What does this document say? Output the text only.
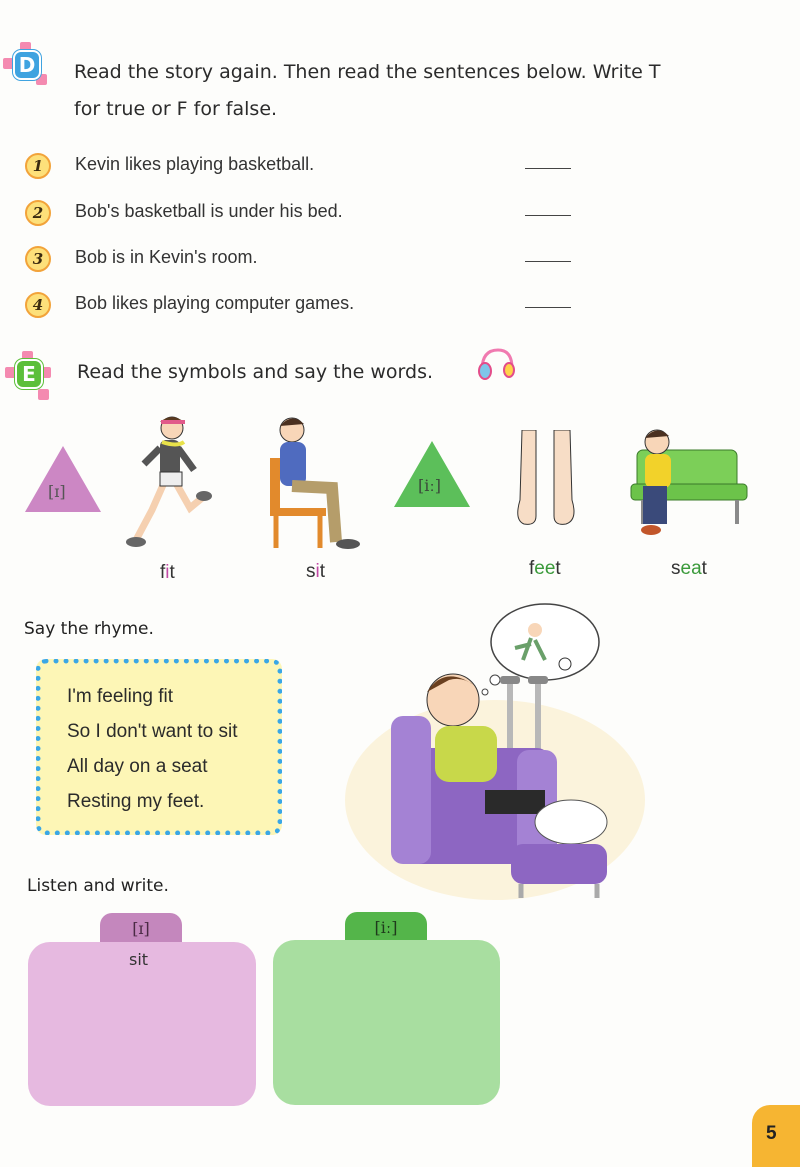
D Read the story again. Then read the sentences below. Write T
for true or F for false.
1	Kevin likes playing basketball.
2	Bob's basketball is under his bed.
3	Bob is in Kevin's room.
4	Bob likes playing computer games.
E Read the symbols and say the words.
[ɪ]	[iː]
fit	sit	feet	seat
Say the rhyme.
I'm feeling fit
So I don't want to sit
All day on a seat
Resting my feet.
Listen and write.
[ɪ]
sit
[iː]
5
